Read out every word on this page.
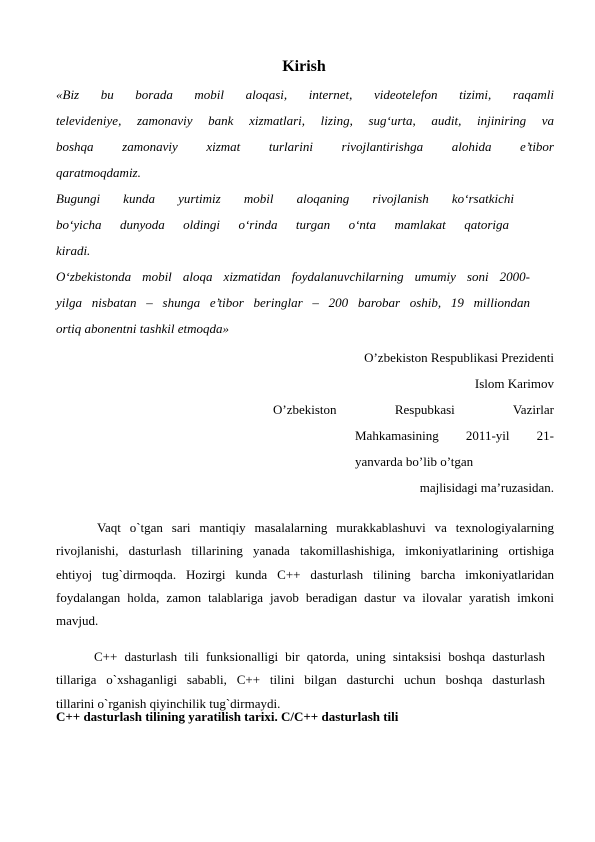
Kirish
«Biz bu borada mobil aloqasi, internet, videotelefon tizimi, raqamli
televideniye, zamonaviy bank xizmatlari, lizing, sug‘urta, audit, injiniring va
boshqa zamonaviy xizmat turlarini rivojlantirishga alohida e’tibor
qaratmoqdamiz.
Bugungi kunda yurtimiz mobil aloqaning rivojlanish ko‘rsatkichi
bo‘yicha dunyoda oldingi o‘rinda turgan o‘nta mamlakat qatoriga
kiradi.
O‘zbekistonda mobil aloqa xizmatidan foydalanuvchilarning umumiy soni 2000-
yilga nisbatan – shunga e’tibor beringlar – 200 barobar oshib, 19 milliondan
ortiq abonentni tashkil etmoqda»
O’zbekiston Respublikasi Prezidenti
Islom Karimov
O’zbekiston Respubkasi Vazirlar
Mahkamasining 2011-yil 21-
yanvarda bo’lib o’tgan
majlisidagi ma’ruzasidan.
Vaqt o`tgan sari mantiqiy masalalarning murakkablashuvi va texnologiyalarning
rivojlanishi, dasturlash tillarining yanada takomillashishiga, imkoniyatlarining ortishiga
ehtiyoj tug`dirmoqda. Hozirgi kunda C++ dasturlash tilining barcha imkoniyatlaridan
foydalangan holda, zamon talablariga javob beradigan dastur va ilovalar yaratish imkoni
mavjud.
C++ dasturlash tili funksionalligi bir qatorda, uning sintaksisi boshqa dasturlash
tillariga o`xshaganligi sababli, C++ tilini bilgan dasturchi uchun boshqa dasturlash
tillarini o`rganish qiyinchilik tug`dirmaydi.
C++ dasturlash tilining yaratilish tarixi. C/C++ dasturlash tili
